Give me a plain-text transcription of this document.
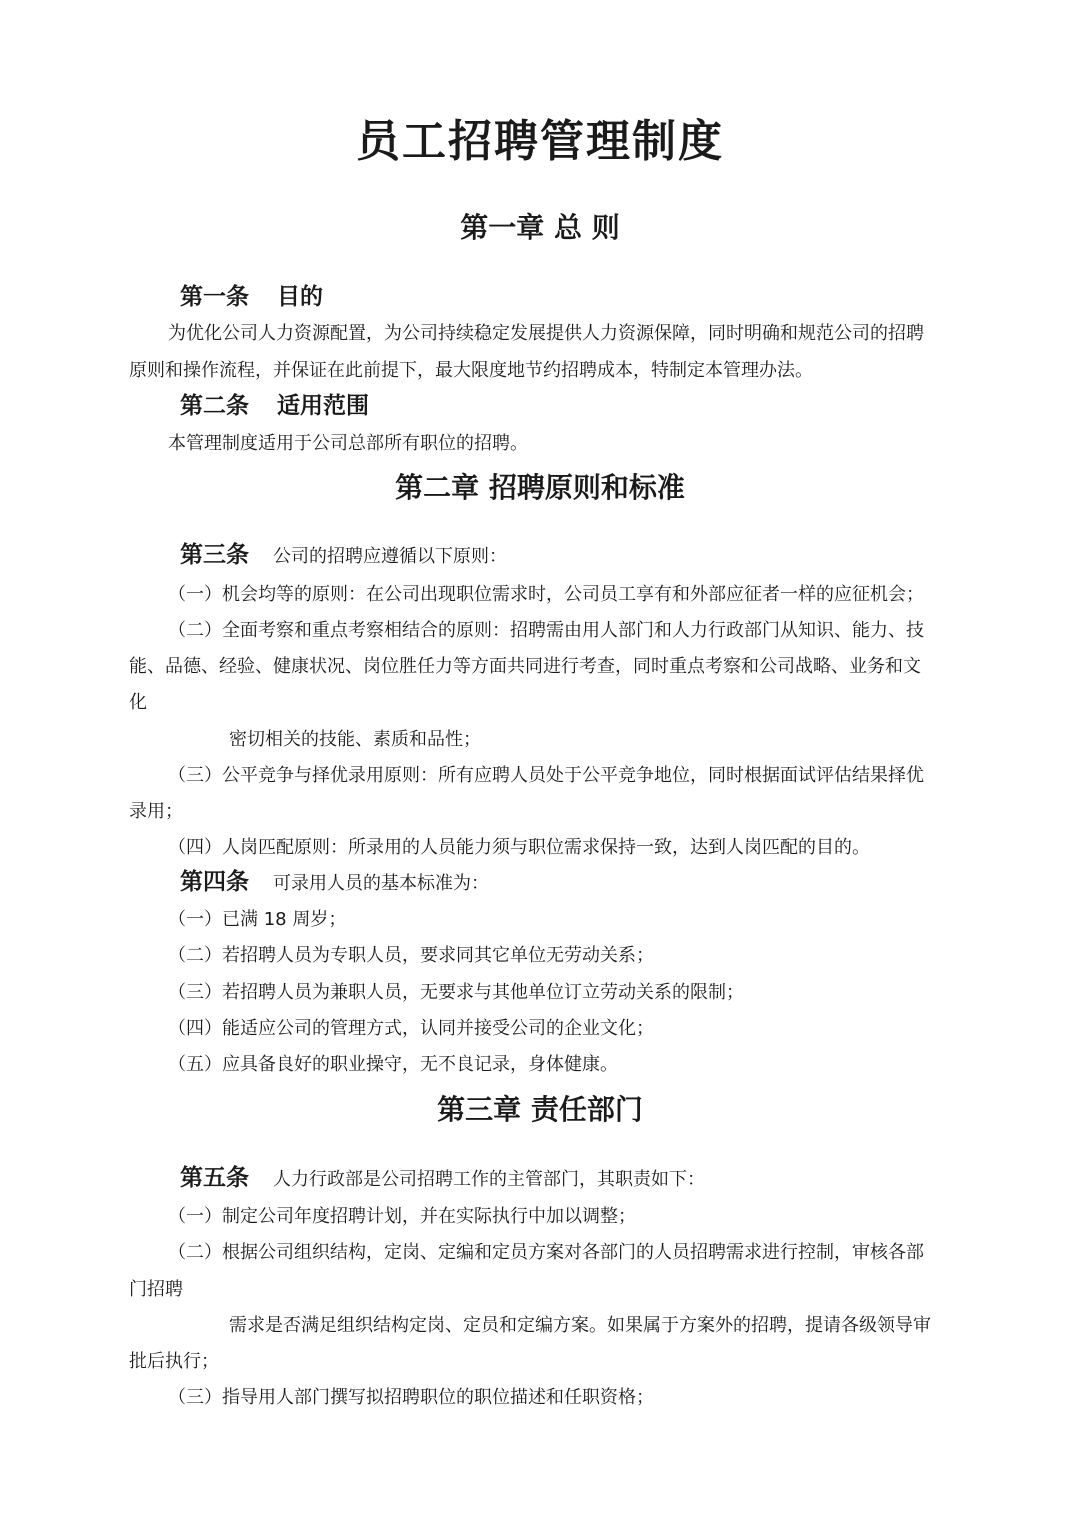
员工招聘管理制度
第一章 总 则
第一条 目的
为优化公司人力资源配置，为公司持续稳定发展提供人力资源保障，同时明确和规范公司的招聘
原则和操作流程，并保证在此前提下，最大限度地节约招聘成本，特制定本管理办法。
第二条 适用范围
本管理制度适用于公司总部所有职位的招聘。
第二章 招聘原则和标准
第三条 公司的招聘应遵循以下原则：
（一）机会均等的原则：在公司出现职位需求时，公司员工享有和外部应征者一样的应征机会；
（二）全面考察和重点考察相结合的原则：招聘需由用人部门和人力行政部门从知识、能力、技
能、品德、经验、健康状况、岗位胜任力等方面共同进行考查，同时重点考察和公司战略、业务和文
化
密切相关的技能、素质和品性；
（三）公平竞争与择优录用原则：所有应聘人员处于公平竞争地位，同时根据面试评估结果择优
录用；
（四）人岗匹配原则：所录用的人员能力须与职位需求保持一致，达到人岗匹配的目的。
第四条 可录用人员的基本标准为：
（一）已满 18 周岁；
（二）若招聘人员为专职人员，要求同其它单位无劳动关系；
（三）若招聘人员为兼职人员，无要求与其他单位订立劳动关系的限制；
（四）能适应公司的管理方式，认同并接受公司的企业文化；
（五）应具备良好的职业操守，无不良记录，身体健康。
第三章 责任部门
第五条 人力行政部是公司招聘工作的主管部门，其职责如下：
（一）制定公司年度招聘计划，并在实际执行中加以调整；
（二）根据公司组织结构，定岗、定编和定员方案对各部门的人员招聘需求进行控制，审核各部
门招聘
需求是否满足组织结构定岗、定员和定编方案。如果属于方案外的招聘，提请各级领导审
批后执行；
（三）指导用人部门撰写拟招聘职位的职位描述和任职资格；
